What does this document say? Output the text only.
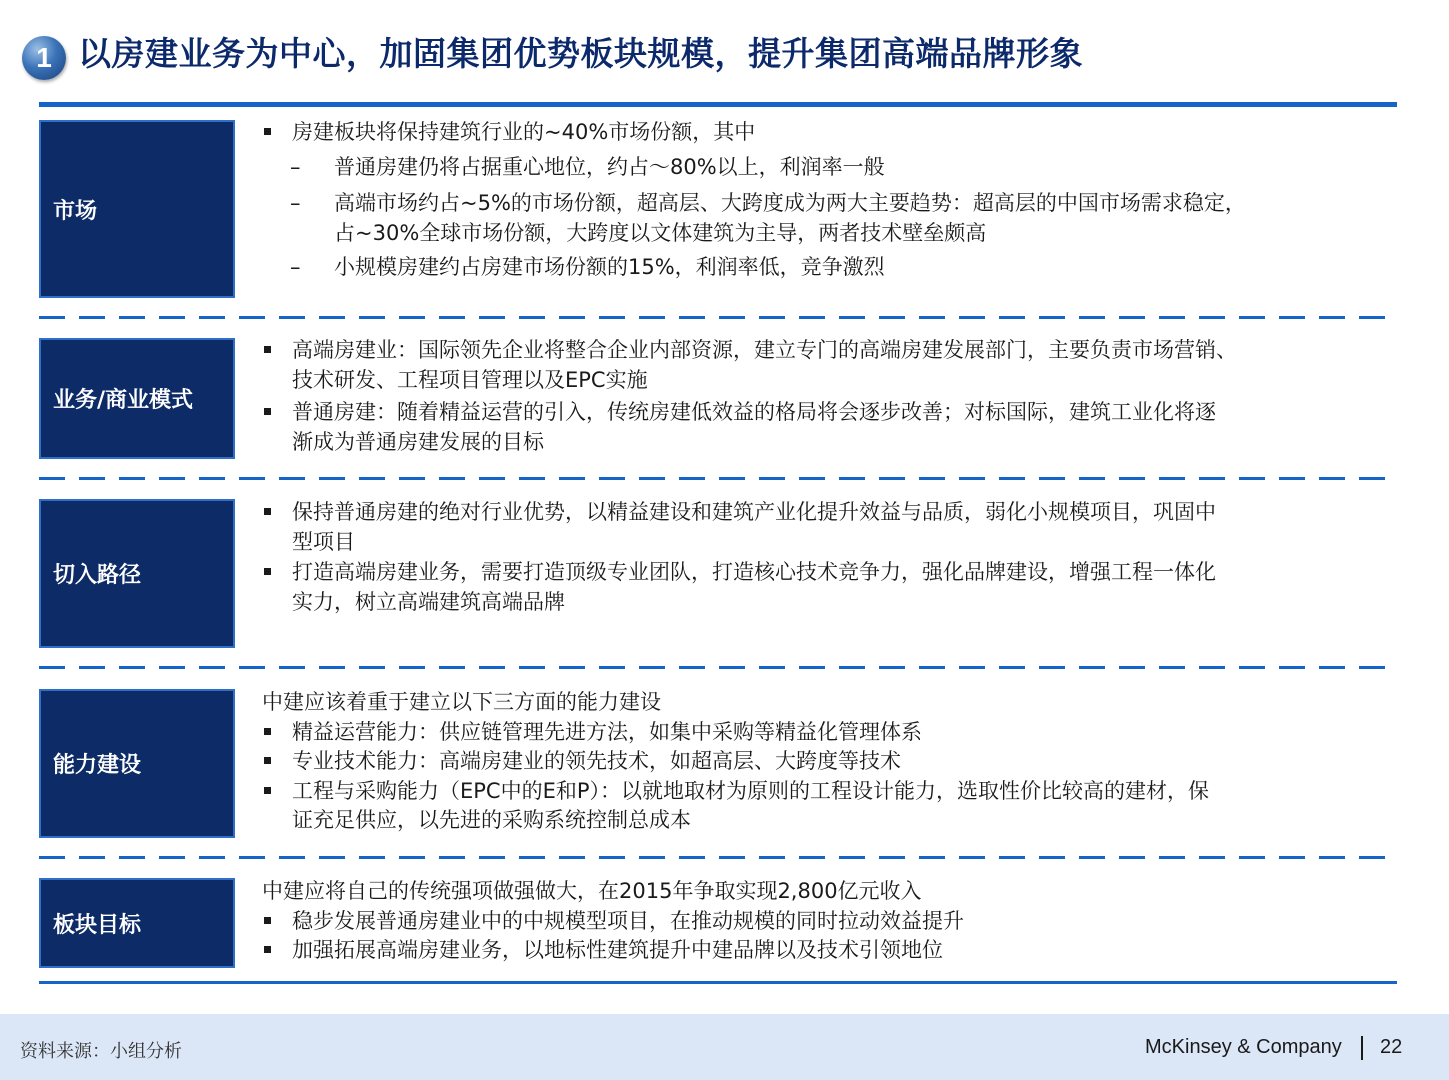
1 以房建业务为中心，加固集团优势板块规模，提升集团高端品牌形象
市场
房建板块将保持建筑行业的~40%市场份额，其中
– 普通房建仍将占据重心地位，约占～80%以上，利润率一般
– 高端市场约占~5%的市场份额，超高层、大跨度成为两大主要趋势：超高层的中国市场需求稳定，
占~30%全球市场份额，大跨度以文体建筑为主导，两者技术壁垒颇高
– 小规模房建约占房建市场份额的15%，利润率低，竞争激烈
业务/商业模式
高端房建业：国际领先企业将整合企业内部资源，建立专门的高端房建发展部门，主要负责市场营销、
技术研发、工程项目管理以及EPC实施
普通房建：随着精益运营的引入，传统房建低效益的格局将会逐步改善；对标国际，建筑工业化将逐
渐成为普通房建发展的目标
切入路径
保持普通房建的绝对行业优势，以精益建设和建筑产业化提升效益与品质，弱化小规模项目，巩固中
型项目
打造高端房建业务，需要打造顶级专业团队，打造核心技术竞争力，强化品牌建设，增强工程一体化
实力，树立高端建筑高端品牌
能力建设
中建应该着重于建立以下三方面的能力建设
精益运营能力：供应链管理先进方法，如集中采购等精益化管理体系
专业技术能力：高端房建业的领先技术，如超高层、大跨度等技术
工程与采购能力（EPC中的E和P）：以就地取材为原则的工程设计能力，选取性价比较高的建材，保
证充足供应，以先进的采购系统控制总成本
板块目标
中建应将自己的传统强项做强做大，在2015年争取实现2,800亿元收入
稳步发展普通房建业中的中规模型项目，在推动规模的同时拉动效益提升
加强拓展高端房建业务，以地标性建筑提升中建品牌以及技术引领地位
资料来源：小组分析	McKinsey & Company 22
